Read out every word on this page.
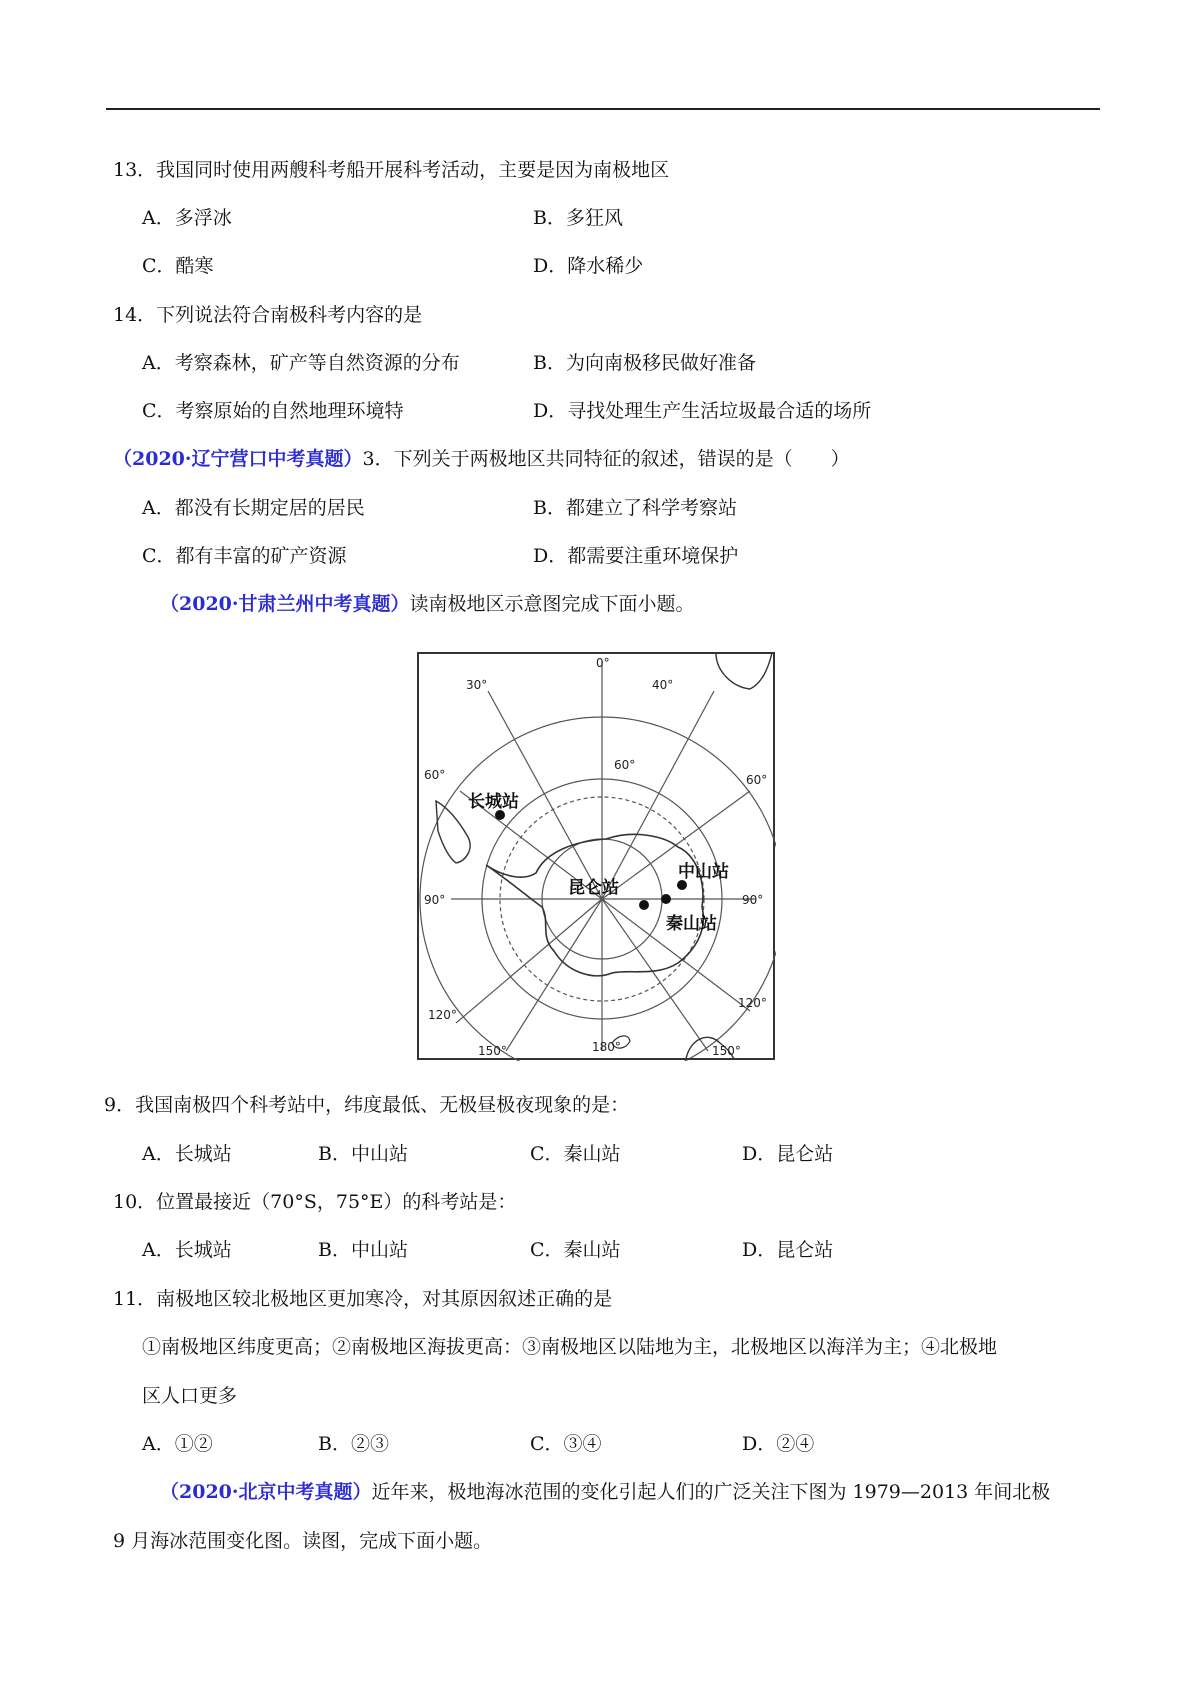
13．我国同时使用两艘科考船开展科考活动，主要是因为南极地区
A．多浮冰	B．多狂风
C．酷寒	D．降水稀少
14．下列说法符合南极科考内容的是
A．考察森林，矿产等自然资源的分布	B．为向南极移民做好准备
C．考察原始的自然地理环境特	D．寻找处理生产生活垃圾最合适的场所
（2020·辽宁营口中考真题）3．下列关于两极地区共同特征的叙述，错误的是（　　）
A．都没有长期定居的居民	B．都建立了科学考察站
C．都有丰富的矿产资源	D．都需要注重环境保护
（2020·甘肃兰州中考真题）读南极地区示意图完成下面小题。
0°
30°	40°
60°	60°
90°	90°
120°
120°
150°	150°
180°
60°
长城站
昆仑站
中山站
秦山站
9．我国南极四个科考站中，纬度最低、无极昼极夜现象的是：
A．长城站	B．中山站	C．秦山站	D．昆仑站
10．位置最接近（70°S，75°E）的科考站是：
A．长城站	B．中山站	C．秦山站	D．昆仑站
11．南极地区较北极地区更加寒冷，对其原因叙述正确的是
①南极地区纬度更高；②南极地区海拔更高：③南极地区以陆地为主，北极地区以海洋为主；④北极地
区人口更多
A．①②	B．②③	C．③④	D．②④
（2020·北京中考真题）近年来，极地海冰范围的变化引起人们的广泛关注下图为 1979—2013 年间北极
9 月海冰范围变化图。读图，完成下面小题。
